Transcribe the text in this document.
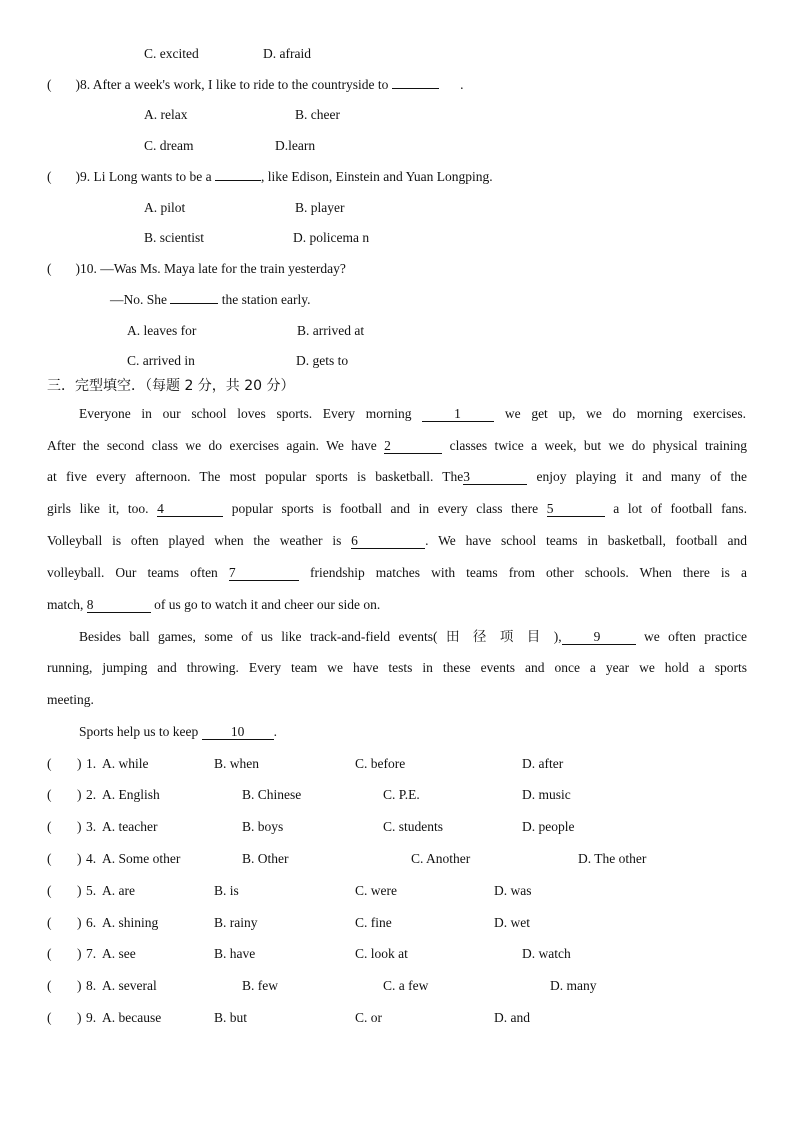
C. excited	D. afraid
( )8. After a week's work, I like to ride to the countryside to	.
A. relax	B. cheer
C. dream	D.learn
( )9. Li Long wants to be a	, like Edison, Einstein and Yuan Longping.
A. pilot	B. player
B. scientist	D. policema n
( )10. —Was Ms. Maya late for the train yesterday?
—No. She	the station early.
A. leaves for	B. arrived at
C. arrived in	D. gets to
三．完型填空．（每题 2 分，共 20 分）
Everyone in our school loves sports. Every morning	1	we get up, we do morning exercises.
After the second class we do exercises again. We have 2	classes twice a week, but we do physical training
at five every afternoon. The most popular sports is basketball. The3	enjoy playing it and many of the
girls like it, too. 4	popular sports is football and in every class there 5	a lot of football fans.
Volleyball is often played when the weather is 6	. We have school teams in basketball, football and
volleyball. Our teams often 7	friendship matches with teams from other schools. When there is a
match, 8	of us go to watch it and cheer our side on.
Besides ball games, some of us like track-and-field events( 田 径 项 目 ), 9	we often practice
running, jumping and throwing. Every team we have tests in these events and once a year we hold a sports
meeting.
Sports help us to keep 10 .
( ) 1. A. while	B. when	C. before	D. after
( ) 2. A. English	B. Chinese	C. P.E.	D. music
( ) 3. A. teacher	B. boys	C. students	D. people
( ) 4. A. Some other	B. Other	C. Another	D. The other
( ) 5. A. are	B. is	C. were	D. was
( ) 6. A. shining	B. rainy	C. fine	D. wet
( ) 7. A. see	B. have	C. look at	D. watch
( ) 8. A. several	B. few	C. a few	D. many
( ) 9. A. because	B. but	C. or	D. and
